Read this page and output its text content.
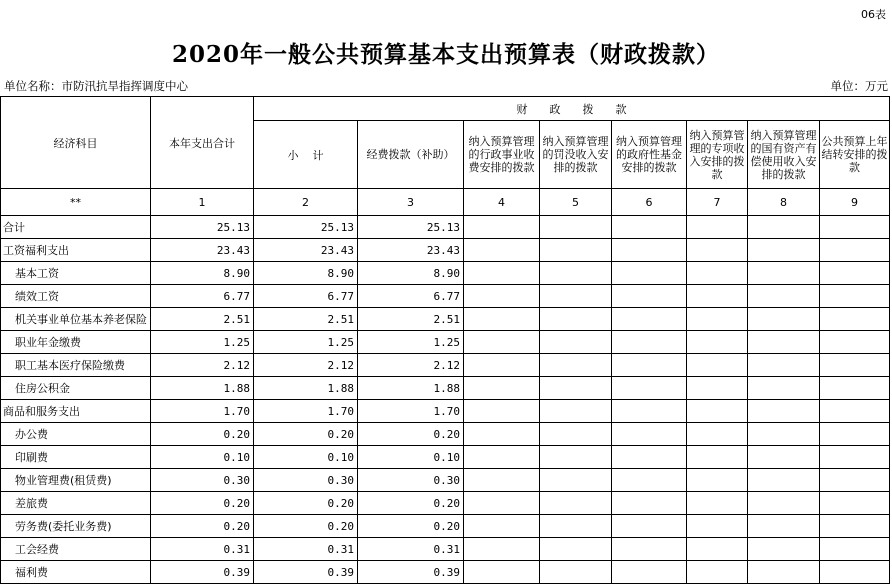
06表
2020年一般公共预算基本支出预算表（财政拨款）
单位名称：市防汛抗旱指挥调度中心	单位：万元
经济科目	本年支出合计	财政拨款							
		小    计	经费拨款（补助）	纳入预算管理的行政事业收费安排的拨款	纳入预算管理的罚没收入安排的拨款	纳入预算管理的政府性基金安排的拨款	纳入预算管理的专项收入安排的拨款	纳入预算管理的国有资产有偿使用收入安排的拨款	公共预算上年结转安排的拨款
**	1	2	3	4	5	6	7	8	9
合计	25.13	25.13	25.13						
工资福利支出	23.43	23.43	23.43						
基本工资	8.90	8.90	8.90						
绩效工资	6.77	6.77	6.77						
机关事业单位基本养老保险	2.51	2.51	2.51						
职业年金缴费	1.25	1.25	1.25						
职工基本医疗保险缴费	2.12	2.12	2.12						
住房公积金	1.88	1.88	1.88						
商品和服务支出	1.70	1.70	1.70						
办公费	0.20	0.20	0.20						
印刷费	0.10	0.10	0.10						
物业管理费(租赁费)	0.30	0.30	0.30						
差旅费	0.20	0.20	0.20						
劳务费(委托业务费)	0.20	0.20	0.20						
工会经费	0.31	0.31	0.31						
福利费	0.39	0.39	0.39						
